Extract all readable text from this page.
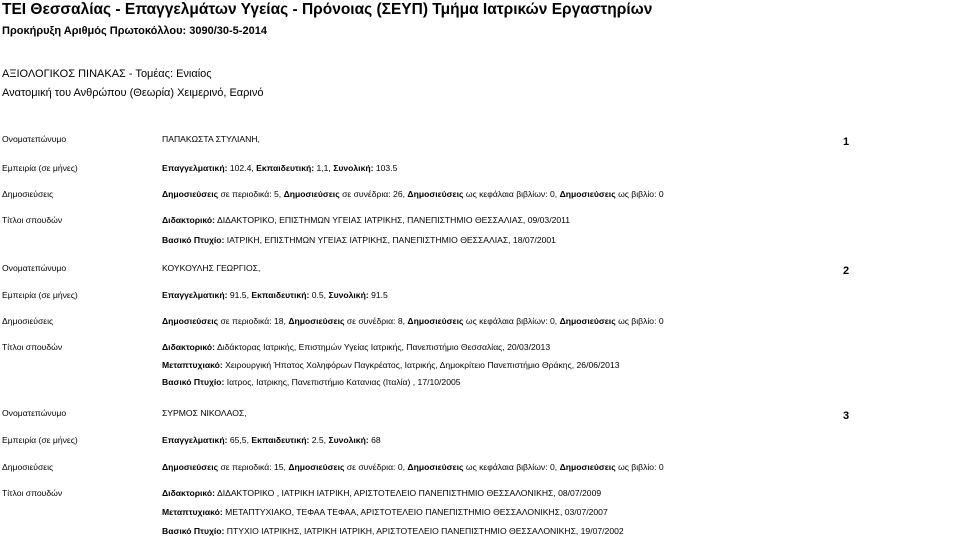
ΤΕΙ Θεσσαλίας - Επαγγελμάτων Υγείας - Πρόνοιας (ΣΕΥΠ) Τμήμα Ιατρικών Εργαστηρίων
Προκήρυξη Αριθμός Πρωτοκόλλου: 3090/30-5-2014
ΑΞΙΟΛΟΓΙΚΟΣ ΠΙΝΑΚΑΣ - Τομέας: Ενιαίος
Ανατομική του Ανθρώπου (Θεωρία) Χειμερινό, Εαρινό
Ονοματεπώνυμο	ΠΑΠΑΚΩΣΤΑ ΣΤΥΛΙΑΝΗ,	1
Εμπειρία (σε μήνες)	Επαγγελματική: 102.4, Εκπαιδευτική: 1,1, Συνολική: 103.5
Δημοσιεύσεις	Δημοσιεύσεις σε περιοδικά: 5, Δημοσιεύσεις σε συνέδρια: 26, Δημοσιεύσεις ως κεφάλαια βιβλίων: 0, Δημοσιεύσεις ως βιβλίο: 0
Τίτλοι σπουδών	Διδακτορικό: ΔΙΔΑΚΤΟΡΙΚΟ, ΕΠΙΣΤΗΜΩΝ ΥΓΕΙΑΣ ΙΑΤΡΙΚΗΣ, ΠΑΝΕΠΙΣΤΗΜΙΟ ΘΕΣΣΑΛΙΑΣ, 09/03/2011
Βασικό Πτυχίο: ΙΑΤΡΙΚΗ, ΕΠΙΣΤΗΜΩΝ ΥΓΕΙΑΣ ΙΑΤΡΙΚΗΣ, ΠΑΝΕΠΙΣΤΗΜΙΟ ΘΕΣΣΑΛΙΑΣ, 18/07/2001
Ονοματεπώνυμο	ΚΟΥΚΟΥΛΗΣ ΓΕΩΡΓΙΟΣ,	2
Εμπειρία (σε μήνες)	Επαγγελματική: 91.5, Εκπαιδευτική: 0.5, Συνολική: 91.5
Δημοσιεύσεις	Δημοσιεύσεις σε περιοδικά: 18, Δημοσιεύσεις σε συνέδρια: 8, Δημοσιεύσεις ως κεφάλαια βιβλίων: 0, Δημοσιεύσεις ως βιβλίο: 0
Τίτλοι σπουδών	Διδακτορικό: Διδάκτορας Ιατρικής, Επιστημών Υγείας Ιατρικής, Πανεπιστήμιο Θεσσαλίας, 20/03/2013
Μεταπτυχιακό: Χειρουργική Ήπατος Χοληφόρων Παγκρέατος, Ιατρικής, Δημοκρίτειο Πανεπιστήμιο Θράκης, 26/06/2013
Βασικό Πτυχίο: Ιατρος, Ιατρικης, Πανεπιστήμιο Κατανιας (Ιταλία) , 17/10/2005
Ονοματεπώνυμο	ΣΥΡΜΟΣ ΝΙΚΟΛΑΟΣ,	3
Εμπειρία (σε μήνες)	Επαγγελματική: 65,5, Εκπαιδευτική: 2.5, Συνολική: 68
Δημοσιεύσεις	Δημοσιεύσεις σε περιοδικά: 15, Δημοσιεύσεις σε συνέδρια: 0, Δημοσιεύσεις ως κεφάλαια βιβλίων: 0, Δημοσιεύσεις ως βιβλίο: 0
Τίτλοι σπουδών	Διδακτορικό: ΔΙΔΑΚΤΟΡΙΚΟ , ΙΑΤΡΙΚΗ ΙΑΤΡΙΚΗ, ΑΡΙΣΤΟΤΕΛΕΙΟ ΠΑΝΕΠΙΣΤΗΜΙΟ ΘΕΣΣΑΛΟΝΙΚΗΣ, 08/07/2009
Μεταπτυχιακό: ΜΕΤΑΠΤΥΧΙΑΚΟ, ΤΕΦΑΑ ΤΕΦΑΑ, ΑΡΙΣΤΟΤΕΛΕΙΟ ΠΑΝΕΠΙΣΤΗΜΙΟ ΘΕΣΣΑΛΟΝΙΚΗΣ, 03/07/2007
Βασικό Πτυχίο: ΠΤΥΧΙΟ ΙΑΤΡΙΚΗΣ, ΙΑΤΡΙΚΗ ΙΑΤΡΙΚΗ, ΑΡΙΣΤΟΤΕΛΕΙΟ ΠΑΝΕΠΙΣΤΗΜΙΟ ΘΕΣΣΑΛΟΝΙΚΗΣ, 19/07/2002
